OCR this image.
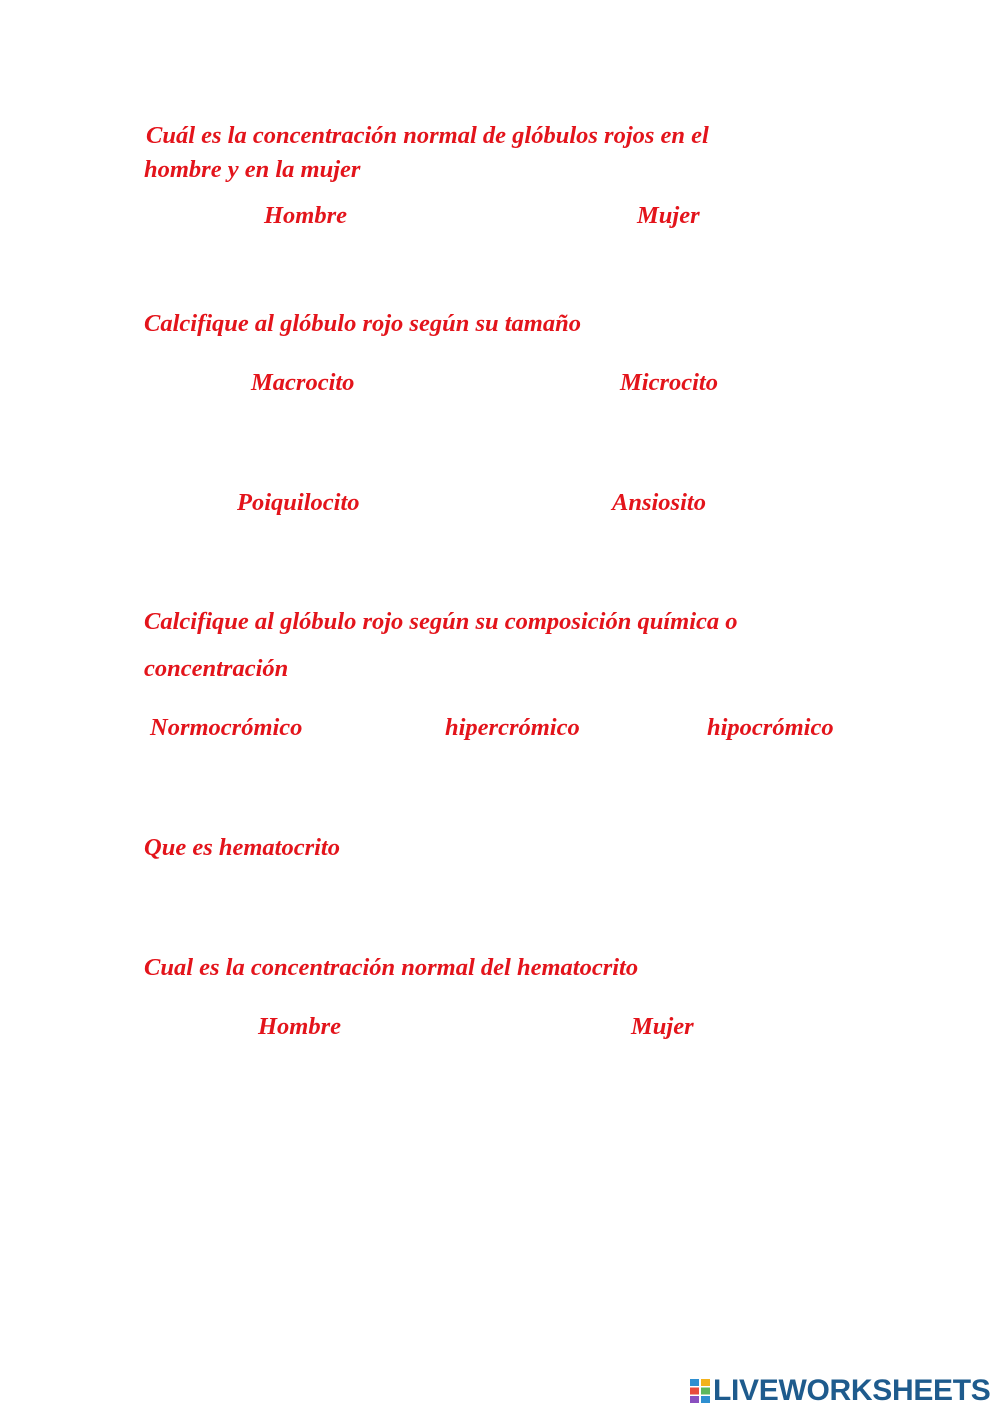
Cuál es la concentración normal de glóbulos rojos en el
hombre y en la mujer
Hombre	Mujer
Calcifique al glóbulo rojo según su tamaño
Macrocito	Microcito
Poiquilocito	Ansiosito
Calcifique al glóbulo rojo según su composición química o
concentración
Normocrómico	hipercrómico	hipocrómico
Que es hematocrito
Cual es la concentración normal del hematocrito
Hombre	Mujer
LIVEWORKSHEETS
